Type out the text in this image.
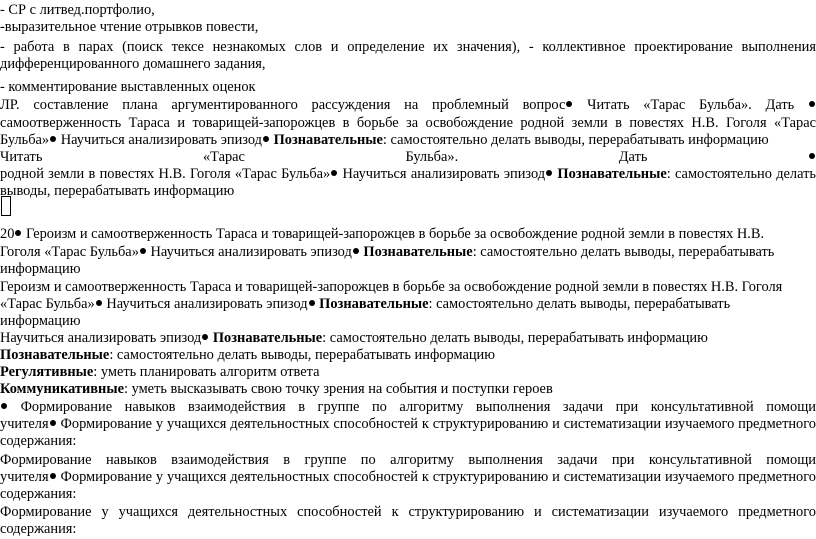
- СР с литвед.портфолио,
-выразительное чтение отрывков повести,
- работа в парах (поиск тексе незнакомых слов и определение их значения), - коллективное проектирование выполнения
дифференцированного домашнего задания,
- комментирование выставленных оценок
ЛР. составление плана аргументированного рассуждения на проблемный вопрос Читать «Тарас Бульба». Дать
самоотверженность Тараса и товарищей-запорожцев в борьбе за освобождение родной земли в повестях Н.В. Гоголя «Тарас
Бульба» Научиться анализировать эпизод Познавательные: самостоятельно делать выводы, перерабатывать информацию
Читать	«Тарас	Бульба».	Дать
родной земли в повестях Н.В. Гоголя «Тарас Бульба» Научиться анализировать эпизод Познавательные: самостоятельно делать
выводы, перерабатывать информацию
20 Героизм и самоотверженность Тараса и товарищей-запорожцев в борьбе за освобождение родной земли в повестях Н.В.
Гоголя «Тарас Бульба» Научиться анализировать эпизод Познавательные: самостоятельно делать выводы, перерабатывать
информацию
Героизм и самоотверженность Тараса и товарищей-запорожцев в борьбе за освобождение родной земли в повестях Н.В. Гоголя
«Тарас Бульба» Научиться анализировать эпизод Познавательные: самостоятельно делать выводы, перерабатывать
информацию
Научиться анализировать эпизод Познавательные: самостоятельно делать выводы, перерабатывать информацию
Познавательные: самостоятельно делать выводы, перерабатывать информацию
Регулятивные: уметь планировать алгоритм ответа
Коммуникативные: уметь высказывать свою точку зрения на события и поступки героев
Формирование навыков взаимодействия в группе по алгоритму выполнения задачи при консультативной помощи
учителя Формирование у учащихся деятельностных способностей к структурированию и систематизации изучаемого предметного
содержания:
Формирование навыков взаимодействия в группе по алгоритму выполнения задачи при консультативной помощи
учителя Формирование у учащихся деятельностных способностей к структурированию и систематизации изучаемого предметного
содержания:
Формирование у учащихся деятельностных способностей к структурированию и систематизации изучаемого предметного
содержания:
